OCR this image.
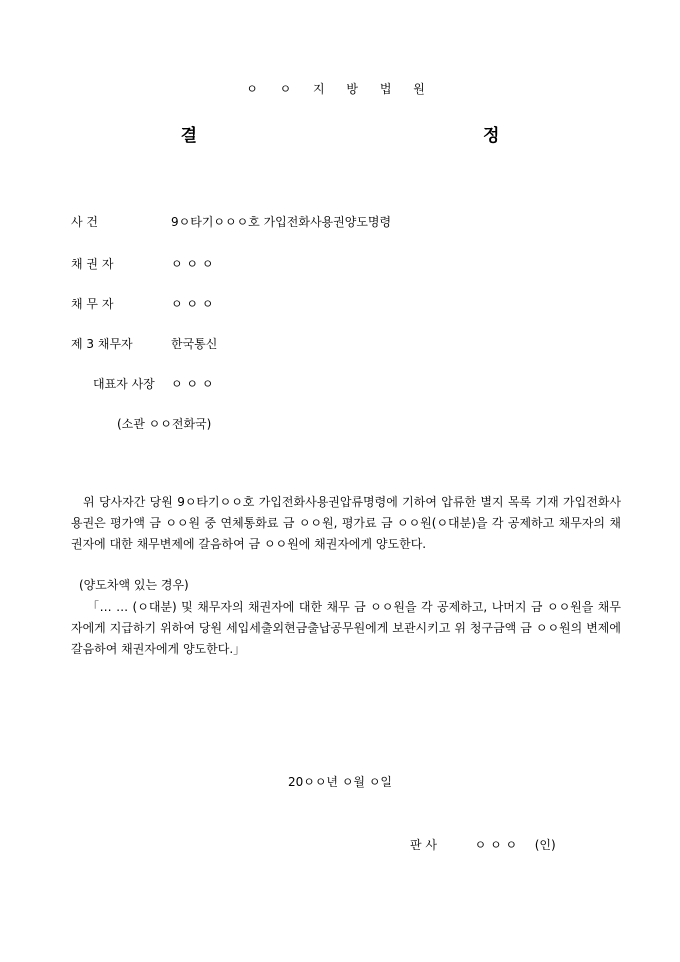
ㅇ ㅇ 지 방 법 원
결 정
사 건	9ㅇ타기ㅇㅇㅇ호 가입전화사용권양도명령
채 권 자	ㅇ ㅇ ㅇ
채 무 자	ㅇ ㅇ ㅇ
제 3 채무자	한국통신
대표자 사장 ㅇ ㅇ ㅇ
(소관 ㅇㅇ전화국)
위 당사자간 당원 9ㅇ타기ㅇㅇ호 가입전화사용권압류명령에 기하여 압류한 별지 목록 기재 가입전화사용권은 평가액 금 ㅇㅇ원 중 연체통화료 금 ㅇㅇ원, 평가료 금 ㅇㅇ원(ㅇ대분)을 각 공제하고 채무자의 채권자에 대한 채무변제에 갈음하여 금 ㅇㅇ원에 채권자에게 양도한다.
(양도차액 있는 경우)
「… … (ㅇ대분) 및 채무자의 채권자에 대한 채무 금 ㅇㅇ원을 각 공제하고, 나머지 금 ㅇㅇ원을 채무자에게 지급하기 위하여 당원 세입세출외현금출납공무원에게 보관시키고 위 청구금액 금 ㅇㅇ원의 변제에 갈음하여 채권자에게 양도한다.」
20ㅇㅇ년 ㅇ월 ㅇ일
판 사	ㅇ ㅇ ㅇ (인)
